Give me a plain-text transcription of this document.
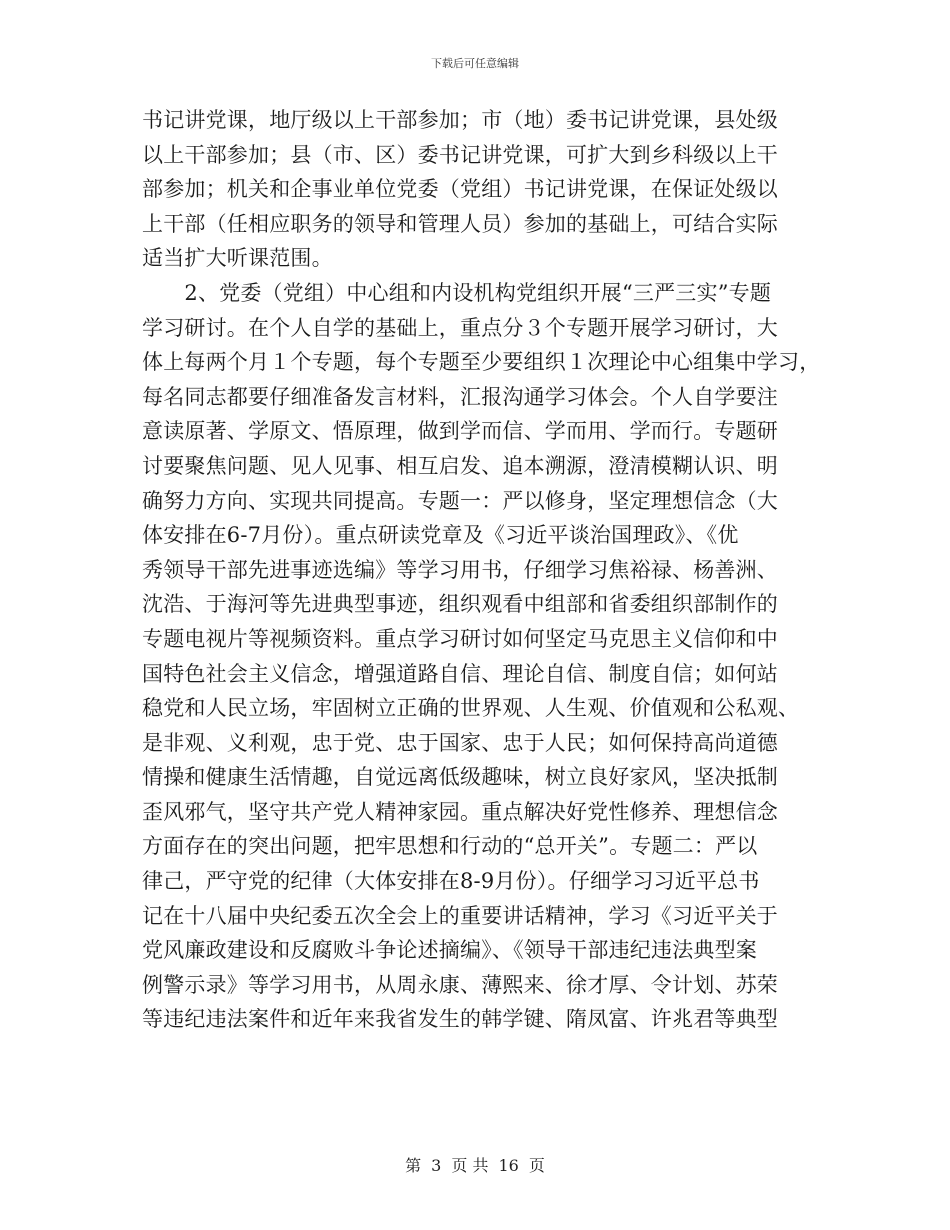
下载后可任意编辑
书记讲党课，地厅级以上干部参加；市（地）委书记讲党课，县处级
以上干部参加；县（市、区）委书记讲党课，可扩大到乡科级以上干
部参加；机关和企事业单位党委（党组）书记讲党课，在保证处级以
上干部（任相应职务的领导和管理人员）参加的基础上，可结合实际
适当扩大听课范围。
　　2、党委（党组）中心组和内设机构党组织开展“三严三实”专题
学习研讨。在个人自学的基础上，重点分３个专题开展学习研讨，大
体上每两个月１个专题，每个专题至少要组织１次理论中心组集中学习，
每名同志都要仔细准备发言材料，汇报沟通学习体会。个人自学要注
意读原著、学原文、悟原理，做到学而信、学而用、学而行。专题研
讨要聚焦问题、见人见事、相互启发、追本溯源，澄清模糊认识、明
确努力方向、实现共同提高。专题一：严以修身，坚定理想信念（大
体安排在6-7月份）。重点研读党章及《习近平谈治国理政》、《优
秀领导干部先进事迹选编》等学习用书，仔细学习焦裕禄、杨善洲、
沈浩、于海河等先进典型事迹，组织观看中组部和省委组织部制作的
专题电视片等视频资料。重点学习研讨如何坚定马克思主义信仰和中
国特色社会主义信念，增强道路自信、理论自信、制度自信；如何站
稳党和人民立场，牢固树立正确的世界观、人生观、价值观和公私观、
是非观、义利观，忠于党、忠于国家、忠于人民；如何保持高尚道德
情操和健康生活情趣，自觉远离低级趣味，树立良好家风，坚决抵制
歪风邪气，坚守共产党人精神家园。重点解决好党性修养、理想信念
方面存在的突出问题，把牢思想和行动的“总开关”。专题二：严以
律己，严守党的纪律（大体安排在8-9月份）。仔细学习习近平总书
记在十八届中央纪委五次全会上的重要讲话精神，学习《习近平关于
党风廉政建设和反腐败斗争论述摘编》、《领导干部违纪违法典型案
例警示录》等学习用书，从周永康、薄熙来、徐才厚、令计划、苏荣
等违纪违法案件和近年来我省发生的韩学键、隋凤富、许兆君等典型
第 3 页 共 16 页
